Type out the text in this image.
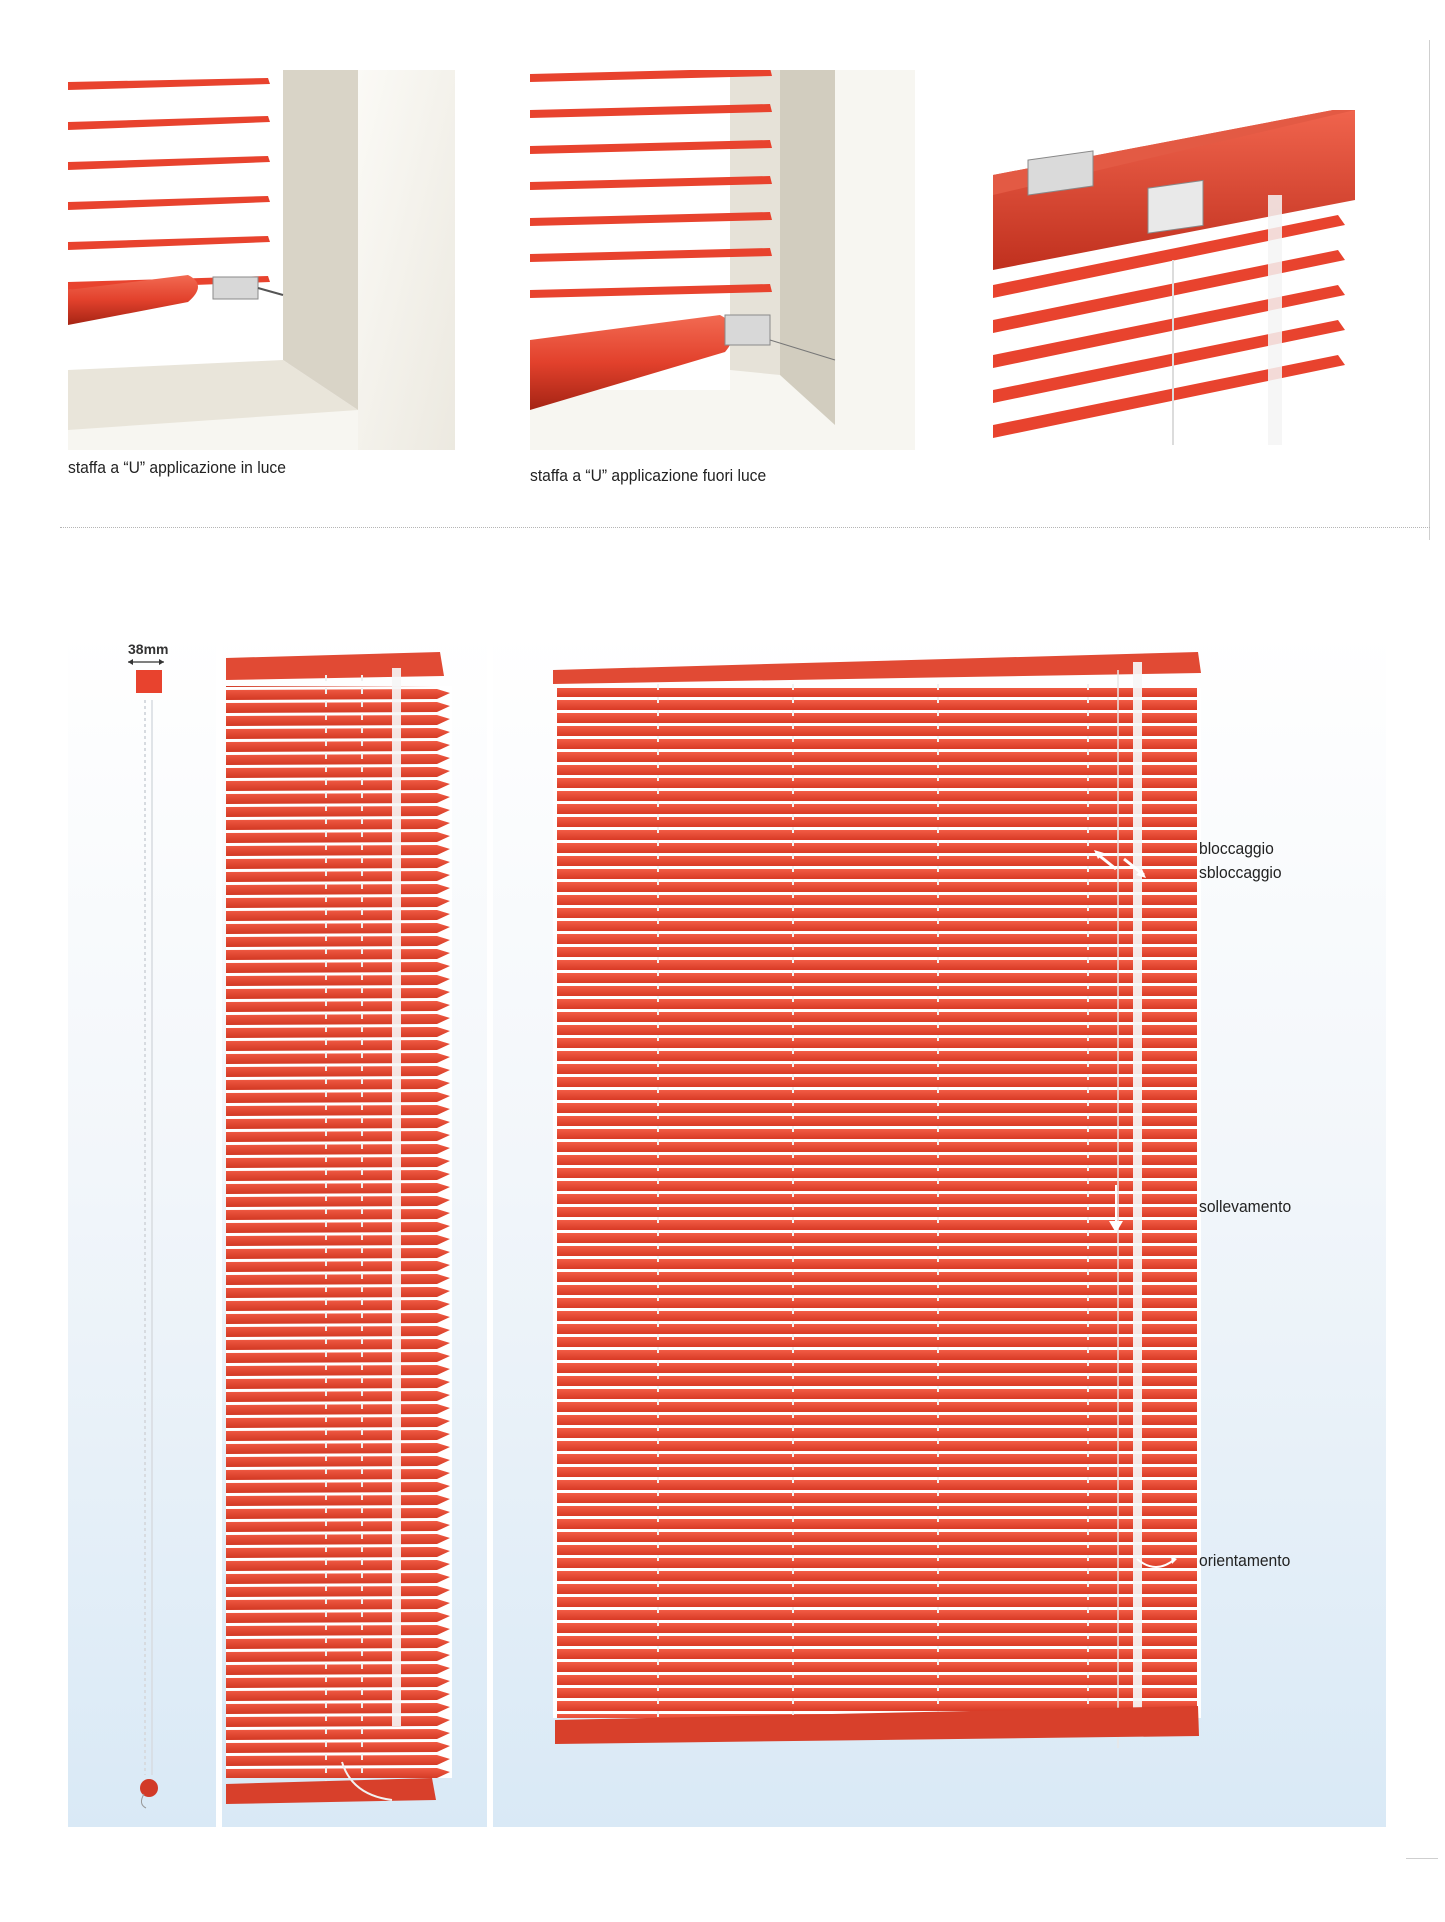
staffa a “U” applicazione in luce	staffa a “U” applicazione fuori luce
38mm
bloccaggio
sbloccaggio
sollevamento
orientamento
